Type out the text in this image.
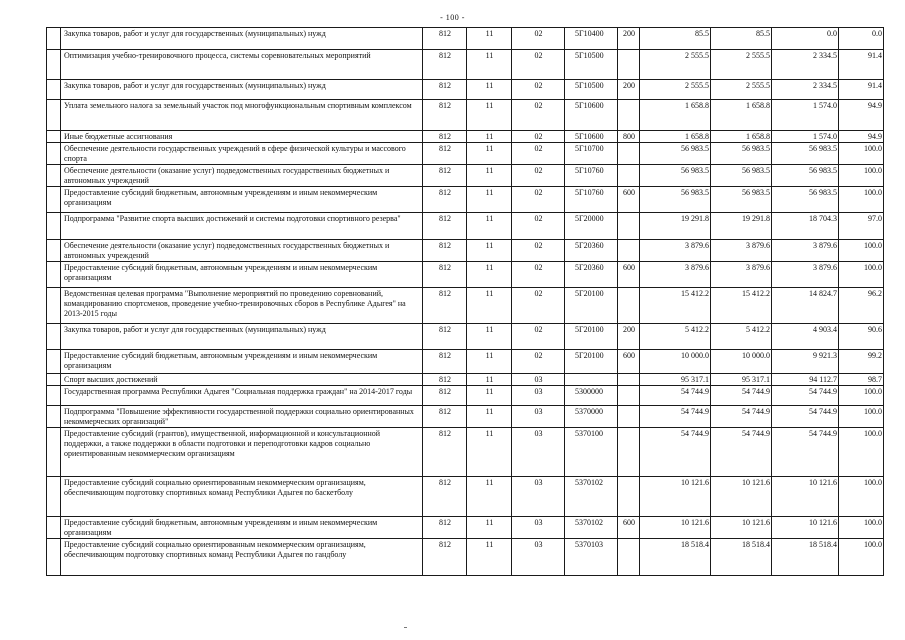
- 100 -
	Закупка товаров, работ и услуг для государственных (муниципальных) нужд	812	11	02	5Г10400	200	85.5	85.5	0.0	0.0
	Оптимизация учебно-тренировочного процесса, системы соревновательных мероприятий	812	11	02	5Г10500		2 555.5	2 555.5	2 334.5	91.4
	Закупка товаров, работ и услуг для государственных (муниципальных) нужд	812	11	02	5Г10500	200	2 555.5	2 555.5	2 334.5	91.4
	Уплата земельного налога за земельный участок под многофункциональным спортивным комплексом	812	11	02	5Г10600		1 658.8	1 658.8	1 574.0	94.9
	Иные бюджетные ассигнования	812	11	02	5Г10600	800	1 658.8	1 658.8	1 574.0	94.9
	Обеспечение деятельности государственных учреждений в сфере физической культуры и массового спорта	812	11	02	5Г10700		56 983.5	56 983.5	56 983.5	100.0
	Обеспечение деятельности (оказание услуг) подведомственных государственных бюджетных и автономных учреждений	812	11	02	5Г10760		56 983.5	56 983.5	56 983.5	100.0
	Предоставление субсидий бюджетным, автономным учреждениям и иным некоммерческим организациям	812	11	02	5Г10760	600	56 983.5	56 983.5	56 983.5	100.0
	Подпрограмма "Развитие спорта высших достижений и системы подготовки спортивного резерва"	812	11	02	5Г20000		19 291.8	19 291.8	18 704.3	97.0
	Обеспечение деятельности (оказание услуг) подведомственных государственных бюджетных и автономных учреждений	812	11	02	5Г20360		3 879.6	3 879.6	3 879.6	100.0
	Предоставление субсидий бюджетным, автономным учреждениям и иным некоммерческим организациям	812	11	02	5Г20360	600	3 879.6	3 879.6	3 879.6	100.0
	Ведомственная целевая программа "Выполнение мероприятий по проведению соревнований, командированию спортсменов, проведение учебно-тренировочных сборов в Республике Адыгея" на 2013-2015 годы	812	11	02	5Г20100		15 412.2	15 412.2	14 824.7	96.2
	Закупка товаров, работ и услуг для государственных (муниципальных) нужд	812	11	02	5Г20100	200	5 412.2	5 412.2	4 903.4	90.6
	Предоставление субсидий бюджетным, автономным учреждениям и иным некоммерческим организациям	812	11	02	5Г20100	600	10 000.0	10 000.0	9 921.3	99.2
	Спорт высших достижений	812	11	03			95 317.1	95 317.1	94 112.7	98.7
	Государственная программа Республики Адыгея "Социальная поддержка граждан" на 2014-2017 годы	812	11	03	5300000		54 744.9	54 744.9	54 744.9	100.0
	Подпрограмма "Повышение эффективности государственной поддержки социально ориентированных некоммерческих организаций"	812	11	03	5370000		54 744.9	54 744.9	54 744.9	100.0
	Предоставление субсидий (грантов), имущественной, информационной и консультационной поддержки, а также поддержки в области подготовки и переподготовки кадров социально ориентированным некоммерческим организациям	812	11	03	5370100		54 744.9	54 744.9	54 744.9	100.0
	Предоставление субсидий социально ориентированным некоммерческим организациям, обеспечивающим подготовку спортивных команд Республики Адыгея по баскетболу	812	11	03	5370102		10 121.6	10 121.6	10 121.6	100.0
	Предоставление субсидий бюджетным, автономным учреждениям и иным некоммерческим организациям	812	11	03	5370102	600	10 121.6	10 121.6	10 121.6	100.0
	Предоставление субсидий социально ориентированным некоммерческим организациям, обеспечивающим подготовку спортивных команд Республики Адыгея по гандболу	812	11	03	5370103		18 518.4	18 518.4	18 518.4	100.0
